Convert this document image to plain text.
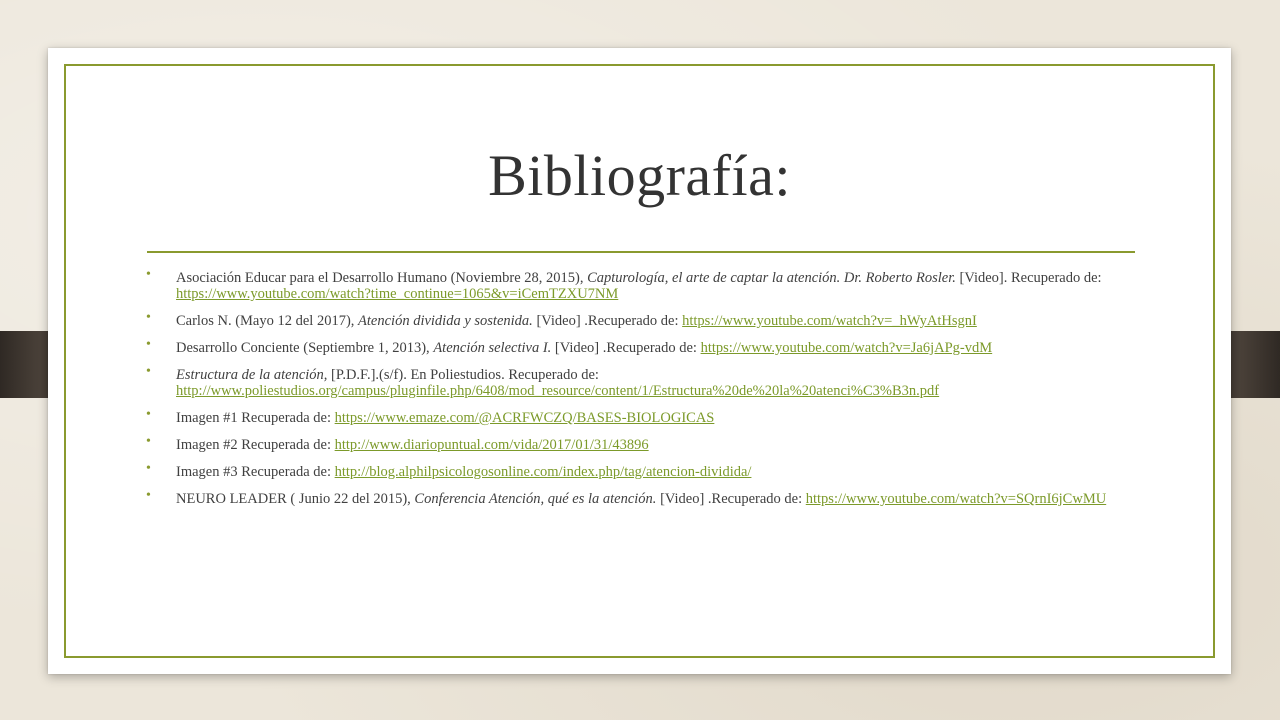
Bibliografía:
• Asociación Educar para el Desarrollo Humano (Noviembre 28, 2015), Capturología, el arte de captar la atención. Dr. Roberto Rosler. [Video]. Recuperado de: https://www.youtube.com/watch?time_continue=1065&v=iCemTZXU7NM
• Carlos N. (Mayo 12 del 2017), Atención dividida y sostenida. [Video] .Recuperado de: https://www.youtube.com/watch?v=_hWyAtHsgnI
• Desarrollo Conciente (Septiembre 1, 2013), Atención selectiva I. [Video] .Recuperado de: https://www.youtube.com/watch?v=Ja6jAPg-vdM
• Estructura de la atención, [P.D.F.].(s/f). En Poliestudios. Recuperado de: http://www.poliestudios.org/campus/pluginfile.php/6408/mod_resource/content/1/Estructura%20de%20la%20atenci%C3%B3n.pdf
• Imagen #1 Recuperada de: https://www.emaze.com/@ACRFWCZQ/BASES-BIOLOGICAS
• Imagen #2 Recuperada de: http://www.diariopuntual.com/vida/2017/01/31/43896
• Imagen #3 Recuperada de: http://blog.alphilpsicologosonline.com/index.php/tag/atencion-dividida/
• NEURO LEADER ( Junio 22 del 2015), Conferencia Atención, qué es la atención. [Video] .Recuperado de: https://www.youtube.com/watch?v=SQrnI6jCwMU
